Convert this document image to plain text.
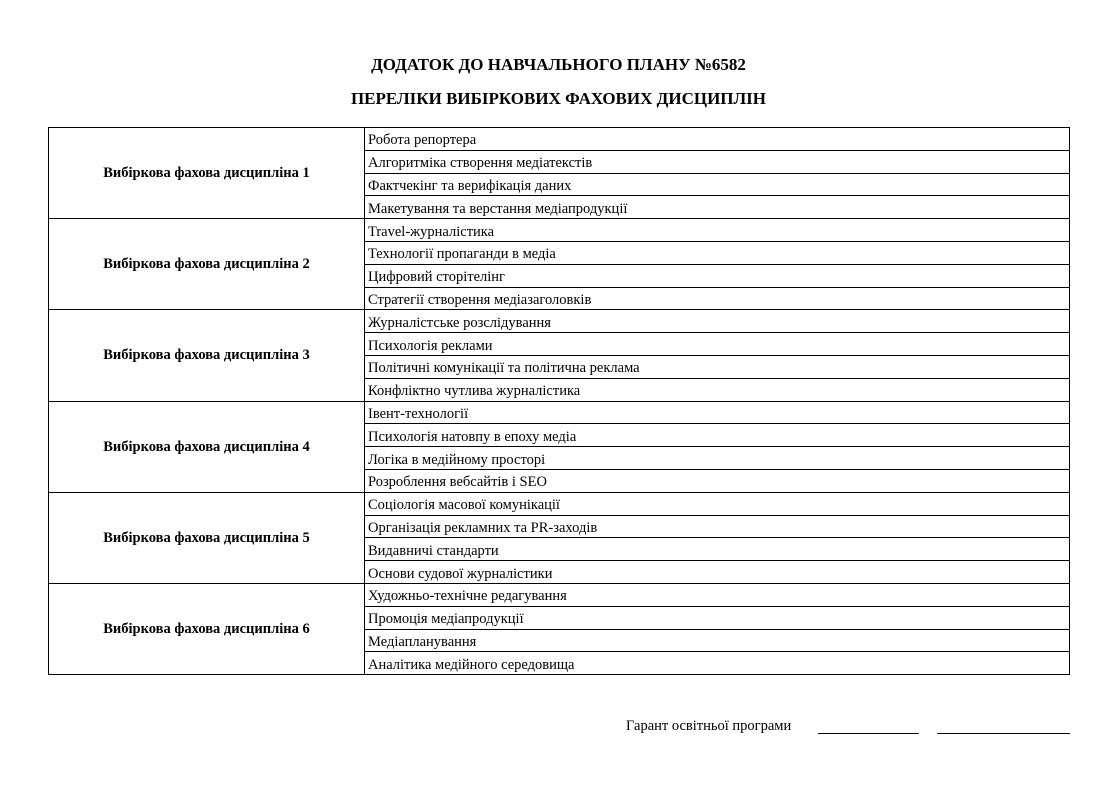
ДОДАТОК ДО НАВЧАЛЬНОГО ПЛАНУ №6582
ПЕРЕЛІКИ ВИБІРКОВИХ ФАХОВИХ ДИСЦИПЛІН
Вибіркова фахова дисципліна 1	Робота репортера
	Алгоритміка створення медіатекстів
	Фактчекінг та верифікація даних
	Макетування та верстання медіапродукції
Вибіркова фахова дисципліна 2	Travel-журналістика
	Технології пропаганди в медіа
	Цифровий сторітелінг
	Стратегії створення медіазаголовків
Вибіркова фахова дисципліна 3	Журналістське розслідування
	Психологія реклами
	Політичні комунікації та політична реклама
	Конфліктно чутлива журналістика
Вибіркова фахова дисципліна 4	Івент-технології
	Психологія натовпу в епоху медіа
	Логіка в медійному просторі
	Розроблення вебсайтів і SEO
Вибіркова фахова дисципліна 5	Соціологія масової комунікації
	Організація рекламних та PR-заходів
	Видавничі стандарти
	Основи судової журналістики
Вибіркова фахова дисципліна 6	Художньо-технічне редагування
	Промоція медіапродукції
	Медіапланування
	Аналітика медійного середовища
Гарант освітньої програми
